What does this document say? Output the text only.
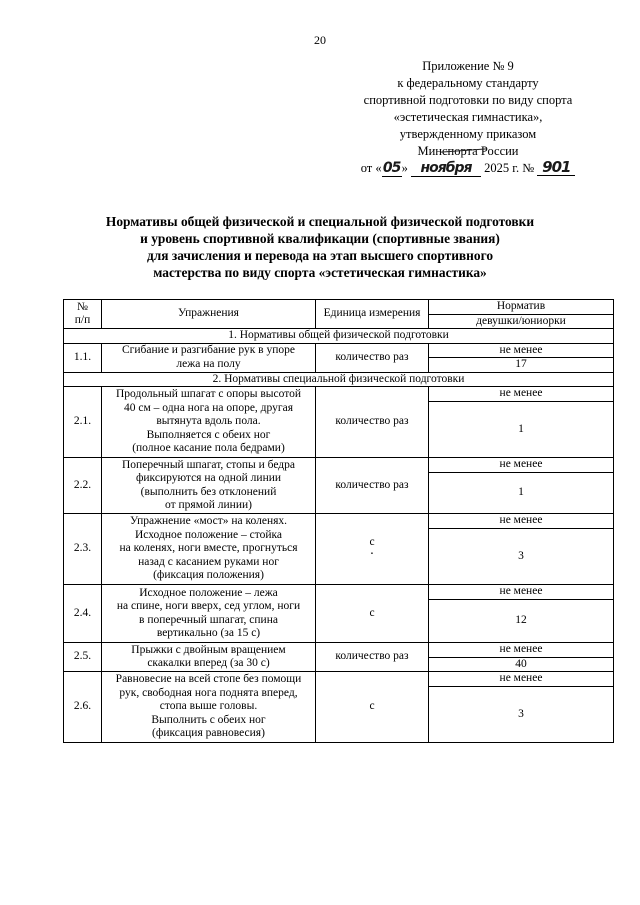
20
Приложение № 9
к федеральному стандарту
спортивной подготовки по виду спорта
«эстетическая гимнастика»,
утвержденному приказом
Минспорта России
от «05» ноября 2025 г. № 901
Нормативы общей физической и специальной физической подготовки
и уровень спортивной квалификации (спортивные звания)
для зачисления и перевода на этап высшего спортивного
мастерства по виду спорта «эстетическая гимнастика»
№
п/п	Упражнения	Единица измерения	Норматив
			девушки/юниорки
1. Нормативы общей физической подготовки			
1.1.	Сгибание и разгибание рук в упоре
лежа на полу	количество раз	не менее
			17
2. Нормативы специальной физической подготовки			
2.1.	Продольный шпагат с опоры высотой
40 см – одна нога на опоре, другая
вытянута вдоль пола.
Выполняется с обеих ног
(полное касание пола бедрами)	количество раз	не менее
			1
2.2.	Поперечный шпагат, стопы и бедра
фиксируются на одной линии
(выполнить без отклонений
от прямой линии)	количество раз	не менее
			1
2.3.	Упражнение «мост» на коленях.
Исходное положение – стойка
на коленях, ноги вместе, прогнуться
назад с касанием руками ног
(фиксация положения)	с
·	не менее
			3
2.4.	Исходное положение – лежа
на спине, ноги вверх, сед углом, ноги
в поперечный шпагат, спина
вертикально (за 15 с)	с	не менее
			12
2.5.	Прыжки с двойным вращением
скакалки вперед (за 30 с)	количество раз	не менее
			40
2.6.	Равновесие на всей стопе без помощи
рук, свободная нога поднята вперед,
стопа выше головы.
Выполнить с обеих ног
(фиксация равновесия)	с	не менее
			3
